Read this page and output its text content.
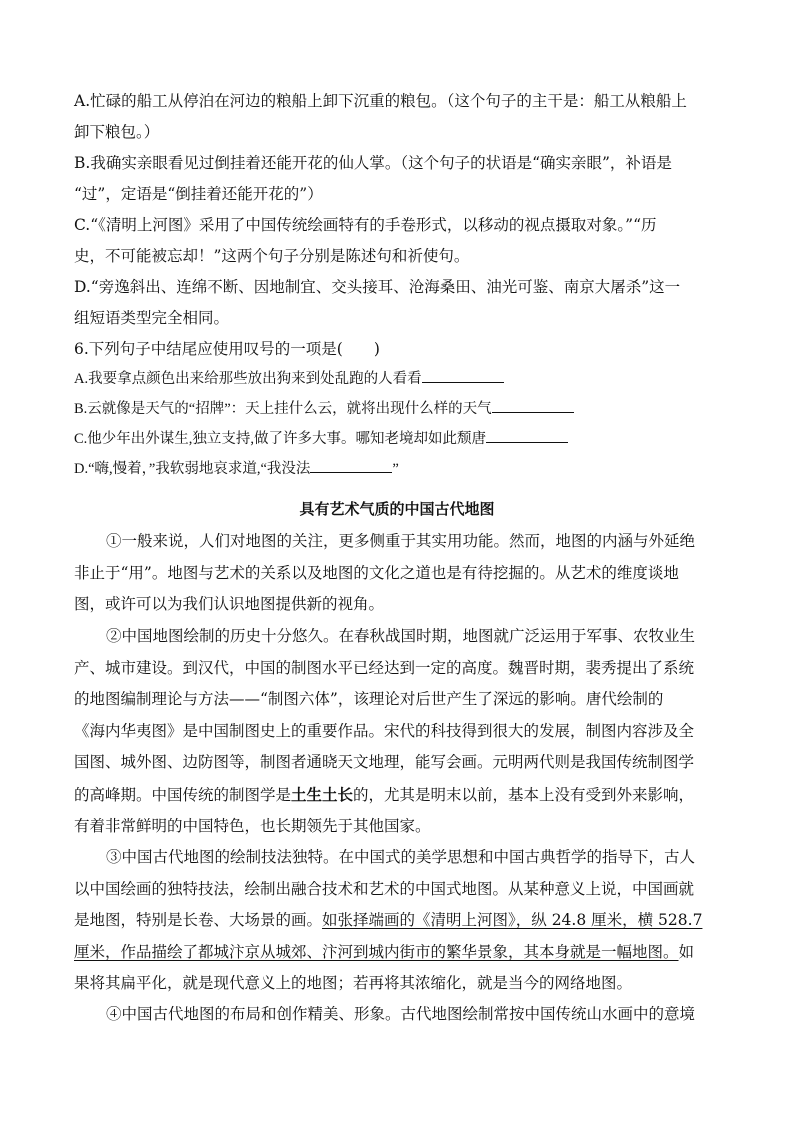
A.忙碌的船工从停泊在河边的粮船上卸下沉重的粮包。（这个句子的主干是：船工从粮船上
卸下粮包。）
B.我确实亲眼看见过倒挂着还能开花的仙人掌。（这个句子的状语是“确实亲眼”，补语是
“过”，定语是“倒挂着还能开花的”）
C.“《清明上河图》采用了中国传统绘画特有的手卷形式，以移动的视点摄取对象。”“历
史，不可能被忘却！”这两个句子分别是陈述句和祈使句。
D.“旁逸斜出、连绵不断、因地制宜、交头接耳、沧海桑田、油光可鉴、南京大屠杀”这一
组短语类型完全相同。
6.下列句子中结尾应使用叹号的一项是(　　)
A.我要拿点颜色出来给那些放出狗来到处乱跑的人看看
B.云就像是天气的“招牌”：天上挂什么云，就将出现什么样的天气
C.他少年出外谋生,独立支持,做了许多大事。哪知老境却如此颓唐
D.“嗨,慢着，”我软弱地哀求道,“我没法	”
具有艺术气质的中国古代地图
①一般来说，人们对地图的关注，更多侧重于其实用功能。然而，地图的内涵与外延绝
非止于“用”。地图与艺术的关系以及地图的文化之道也是有待挖掘的。从艺术的维度谈地
图，或许可以为我们认识地图提供新的视角。
②中国地图绘制的历史十分悠久。在春秋战国时期，地图就广泛运用于军事、农牧业生
产、城市建设。到汉代，中国的制图水平已经达到一定的高度。魏晋时期，裴秀提出了系统
的地图编制理论与方法——“制图六体”，该理论对后世产生了深远的影响。唐代绘制的
《海内华夷图》是中国制图史上的重要作品。宋代的科技得到很大的发展，制图内容涉及全
国图、城外图、边防图等，制图者通晓天文地理，能写会画。元明两代则是我国传统制图学
的高峰期。中国传统的制图学是土生土长的，尤其是明末以前，基本上没有受到外来影响，
有着非常鲜明的中国特色，也长期领先于其他国家。
③中国古代地图的绘制技法独特。在中国式的美学思想和中国古典哲学的指导下，古人
以中国绘画的独特技法，绘制出融合技术和艺术的中国式地图。从某种意义上说，中国画就
是地图，特别是长卷、大场景的画。如张择端画的《清明上河图》，纵 24.8 厘米，横 528.7
厘米，作品描绘了都城汴京从城郊、汴河到城内街市的繁华景象，其本身就是一幅地图。如
果将其扁平化，就是现代意义上的地图；若再将其浓缩化，就是当今的网络地图。
④中国古代地图的布局和创作精美、形象。古代地图绘制常按中国传统山水画中的意境
